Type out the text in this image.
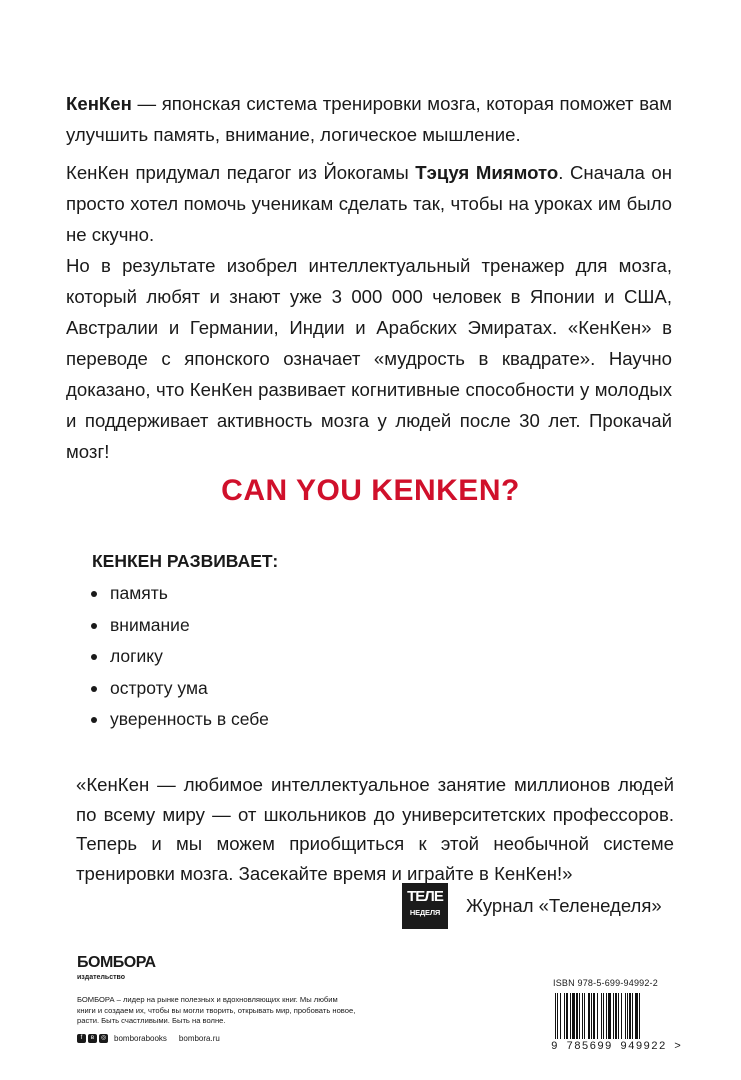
КенКен — японская система тренировки мозга, которая поможет вам улучшить память, внимание, логическое мышление.

КенКен придумал педагог из Йокогамы Тэцуя Миямото. Сначала он просто хотел помочь ученикам сделать так, чтобы на уроках им было не скучно.

Но в результате изобрел интеллектуальный тренажер для мозга, который любят и знают уже 3 000 000 человек в Японии и США, Австралии и Германии, Индии и Арабских Эмиратах. «КенКен» в переводе с японского означает «мудрость в квадрате». Научно доказано, что КенКен развивает когнитивные способности у молодых и поддерживает активность мозга у людей после 30 лет. Прокачай мозг!

CAN YOU KENKEN?
КЕНКЕН РАЗВИВАЕТ:
память
внимание
логику
остроту ума
уверенность в себе
«КенКен — любимое интеллектуальное занятие миллионов людей по всему миру — от школьников до университетских профессоров. Теперь и мы можем приобщиться к этой необычной системе тренировки мозга. Засекайте время и играйте в КенКен!»
ТЕЛЕ
НЕДЕЛЯ	Журнал «Теленеделя»
БОМБОРА
издательство

БОМБОРА – лидер на рынке полезных и вдохновляющих книг. Мы любим книги и создаем их, чтобы вы могли творить, открывать мир, пробовать новое, расти. Быть счастливыми. Быть на волне.

f	в	◎ bomborabooks bombora.ru
ISBN 978-5-699-94992-2
9 785699 949922 >
